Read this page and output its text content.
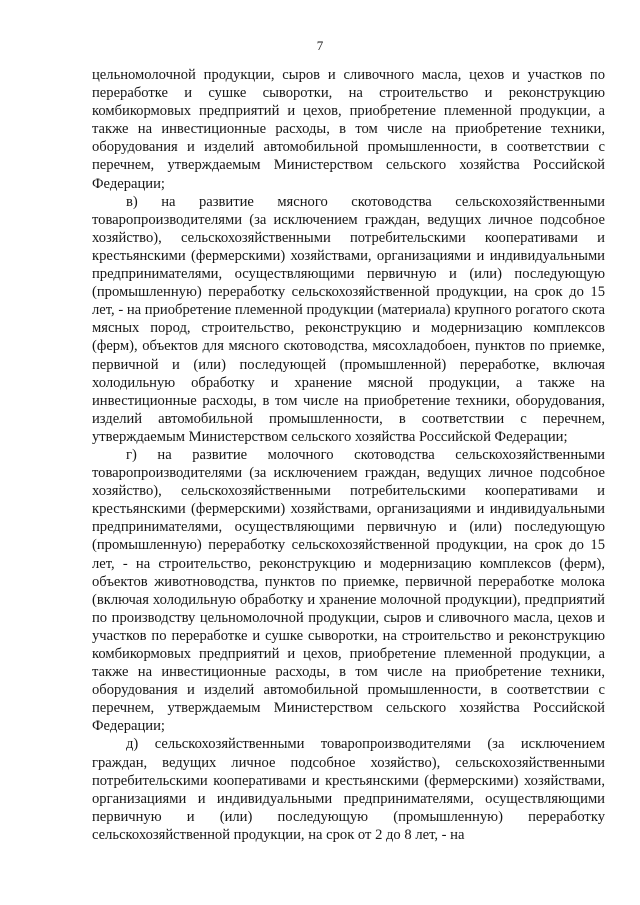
7

цельномолочной продукции, сыров и сливочного масла, цехов и участков по переработке и сушке сыворотки, на строительство и реконструкцию комбикормовых предприятий и цехов, приобретение племенной продукции, а также на инвестиционные расходы, в том числе на приобретение техники, оборудования и изделий автомобильной промышленности, в соответствии с перечнем, утверждаемым Министерством сельского хозяйства Российской Федерации;

в) на развитие мясного скотоводства сельскохозяйственными товаропроизводителями (за исключением граждан, ведущих личное подсобное хозяйство), сельскохозяйственными потребительскими кооперативами и крестьянскими (фермерскими) хозяйствами, организациями и индивидуальными предпринимателями, осуществляющими первичную и (или) последующую (промышленную) переработку сельскохозяйственной продукции, на срок до 15 лет, - на приобретение племенной продукции (материала) крупного рогатого скота мясных пород, строительство, реконструкцию и модернизацию комплексов (ферм), объектов для мясного скотоводства, мясохладобоен, пунктов по приемке, первичной и (или) последующей (промышленной) переработке, включая холодильную обработку и хранение мясной продукции, а также на инвестиционные расходы, в том числе на приобретение техники, оборудования, изделий автомобильной промышленности, в соответствии с перечнем, утверждаемым Министерством сельского хозяйства Российской Федерации;

г) на развитие молочного скотоводства сельскохозяйственными товаропроизводителями (за исключением граждан, ведущих личное подсобное хозяйство), сельскохозяйственными потребительскими кооперативами и крестьянскими (фермерскими) хозяйствами, организациями и индивидуальными предпринимателями, осуществляющими первичную и (или) последующую (промышленную) переработку сельскохозяйственной продукции, на срок до 15 лет, - на строительство, реконструкцию и модернизацию комплексов (ферм), объектов животноводства, пунктов по приемке, первичной переработке молока (включая холодильную обработку и хранение молочной продукции), предприятий по производству цельномолочной продукции, сыров и сливочного масла, цехов и участков по переработке и сушке сыворотки, на строительство и реконструкцию комбикормовых предприятий и цехов, приобретение племенной продукции, а также на инвестиционные расходы, в том числе на приобретение техники, оборудования и изделий автомобильной промышленности, в соответствии с перечнем, утверждаемым Министерством сельского хозяйства Российской Федерации;

д) сельскохозяйственными товаропроизводителями (за исключением граждан, ведущих личное подсобное хозяйство), сельскохозяйственными потребительскими кооперативами и крестьянскими (фермерскими) хозяйствами, организациями и индивидуальными предпринимателями, осуществляющими первичную и (или) последующую (промышленную) переработку сельскохозяйственной продукции, на срок от 2 до 8 лет, - на
